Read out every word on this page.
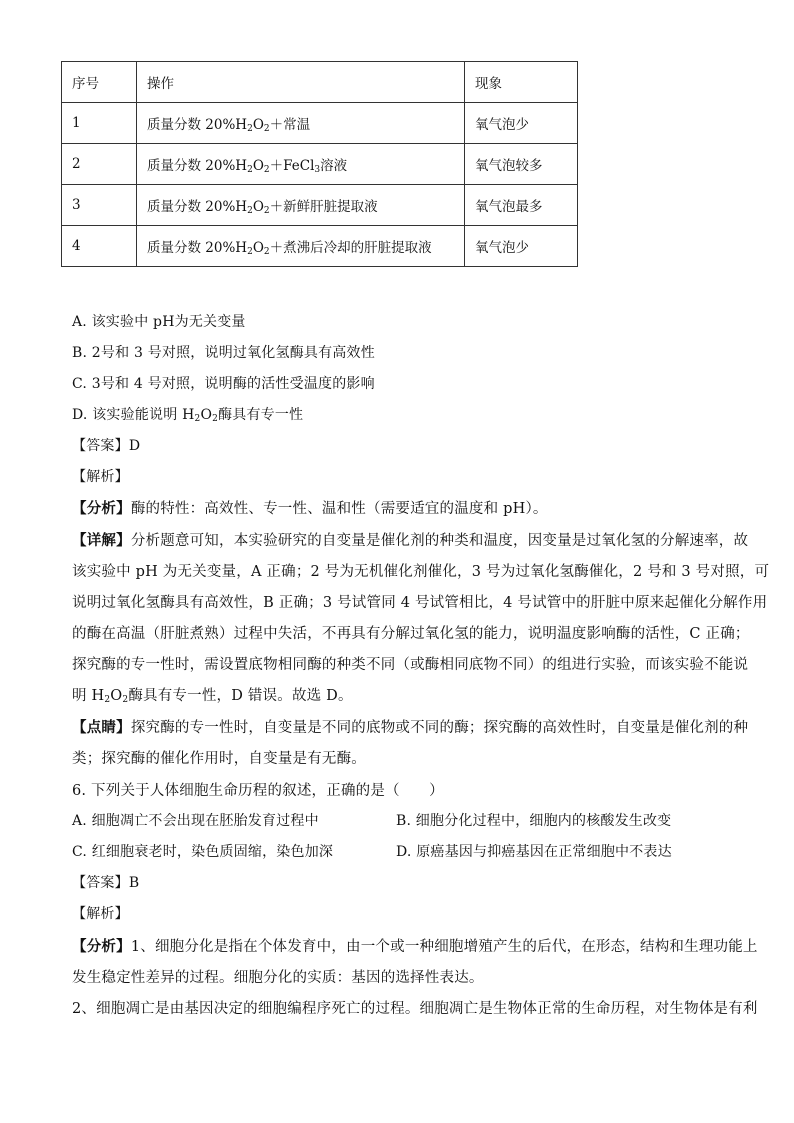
序号	操作	现象
1	质量分数 $20\%H_2O_2+$常温	氧气泡少
2	质量分数 $20\%H_2O_2+FeCl_3$溶液	氧气泡较多
3	质量分数 $20\%H_2O_2+$新鲜肝脏提取液	氧气泡最多
4	质量分数 $20\%H_2O_2+$煮沸后冷却的肝脏提取液	氧气泡少
A. 该实验中 pH为无关变量
B. 2号和 3 号对照，说明过氧化氢酶具有高效性
C. 3号和 4 号对照，说明酶的活性受温度的影响
D. 该实验能说明 $H_2O_2$酶具有专一性
【答案】D
【解析】
【分析】酶的特性：高效性、专一性、温和性（需要适宜的温度和 pH）。
【详解】分析题意可知，本实验研究的自变量是催化剂的种类和温度，因变量是过氧化氢的分解速率，故
该实验中 pH 为无关变量，A 正确；2 号为无机催化剂催化，3 号为过氧化氢酶催化，2 号和 3 号对照，可
说明过氧化氢酶具有高效性，B 正确；3 号试管同 4 号试管相比，4 号试管中的肝脏中原来起催化分解作用
的酶在高温（肝脏煮熟）过程中失活，不再具有分解过氧化氢的能力，说明温度影响酶的活性，C 正确；
探究酶的专一性时，需设置底物相同酶的种类不同（或酶相同底物不同）的组进行实验，而该实验不能说
明 $H_2O_2$酶具有专一性，D 错误。故选 D。
【点睛】探究酶的专一性时，自变量是不同的底物或不同的酶；探究酶的高效性时，自变量是催化剂的种
类；探究酶的催化作用时，自变量是有无酶。
6. 下列关于人体细胞生命历程的叙述，正确的是（　　）
A. 细胞凋亡不会出现在胚胎发育过程中	B. 细胞分化过程中，细胞内的核酸发生改变
C. 红细胞衰老时，染色质固缩，染色加深	D. 原癌基因与抑癌基因在正常细胞中不表达
【答案】B
【解析】
【分析】1、细胞分化是指在个体发育中，由一个或一种细胞增殖产生的后代，在形态，结构和生理功能上
发生稳定性差异的过程。细胞分化的实质：基因的选择性表达。
2、细胞凋亡是由基因决定的细胞编程序死亡的过程。细胞凋亡是生物体正常的生命历程，对生物体是有利
